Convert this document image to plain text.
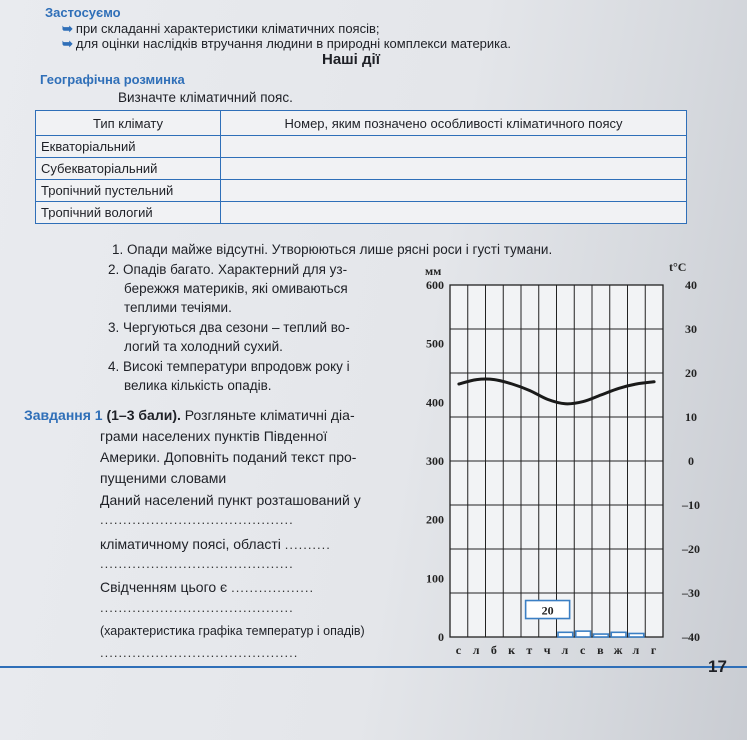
Застосуємо
➥ при складанні характеристики кліматичних поясів;
➥ для оцінки наслідків втручання людини в природні комплекси материка.
Наші дії
Географічна розминка
Визначте кліматичний пояс.
Тип клімату	Номер, яким позначено особливості кліматичного поясу
Екваторіальний	
Субекваторіальний	
Тропічний пустельний	
Тропічний вологий	
1. Опади майже відсутні. Утворюються лише рясні роси і густі тумани.
2. Опадів багато. Характерний для уз-
бережжя материків, які омиваються
теплими течіями.
3. Чергуються два сезони – теплий во-
логий та холодний сухий.
4. Високі температури впродовж року і
велика кількість опадів.
Завдання 1 (1–3 бали). Розгляньте кліматичні діа-
грами населених пунктів Південної
Америки. Доповніть поданий текст про-
пущеними словами
Даний населений пункт розташований у
..........................................
кліматичному поясі, області ..........
..........................................
Свідченням цього є ..................
..........................................
(характеристика графіка температур і опадів)
...........................................
мм	t°C
0
100
200
300
400
500
600	40
30
20
10
0
–10
–20
–30
–40
с л б к т ч л с в ж л г
20
17
